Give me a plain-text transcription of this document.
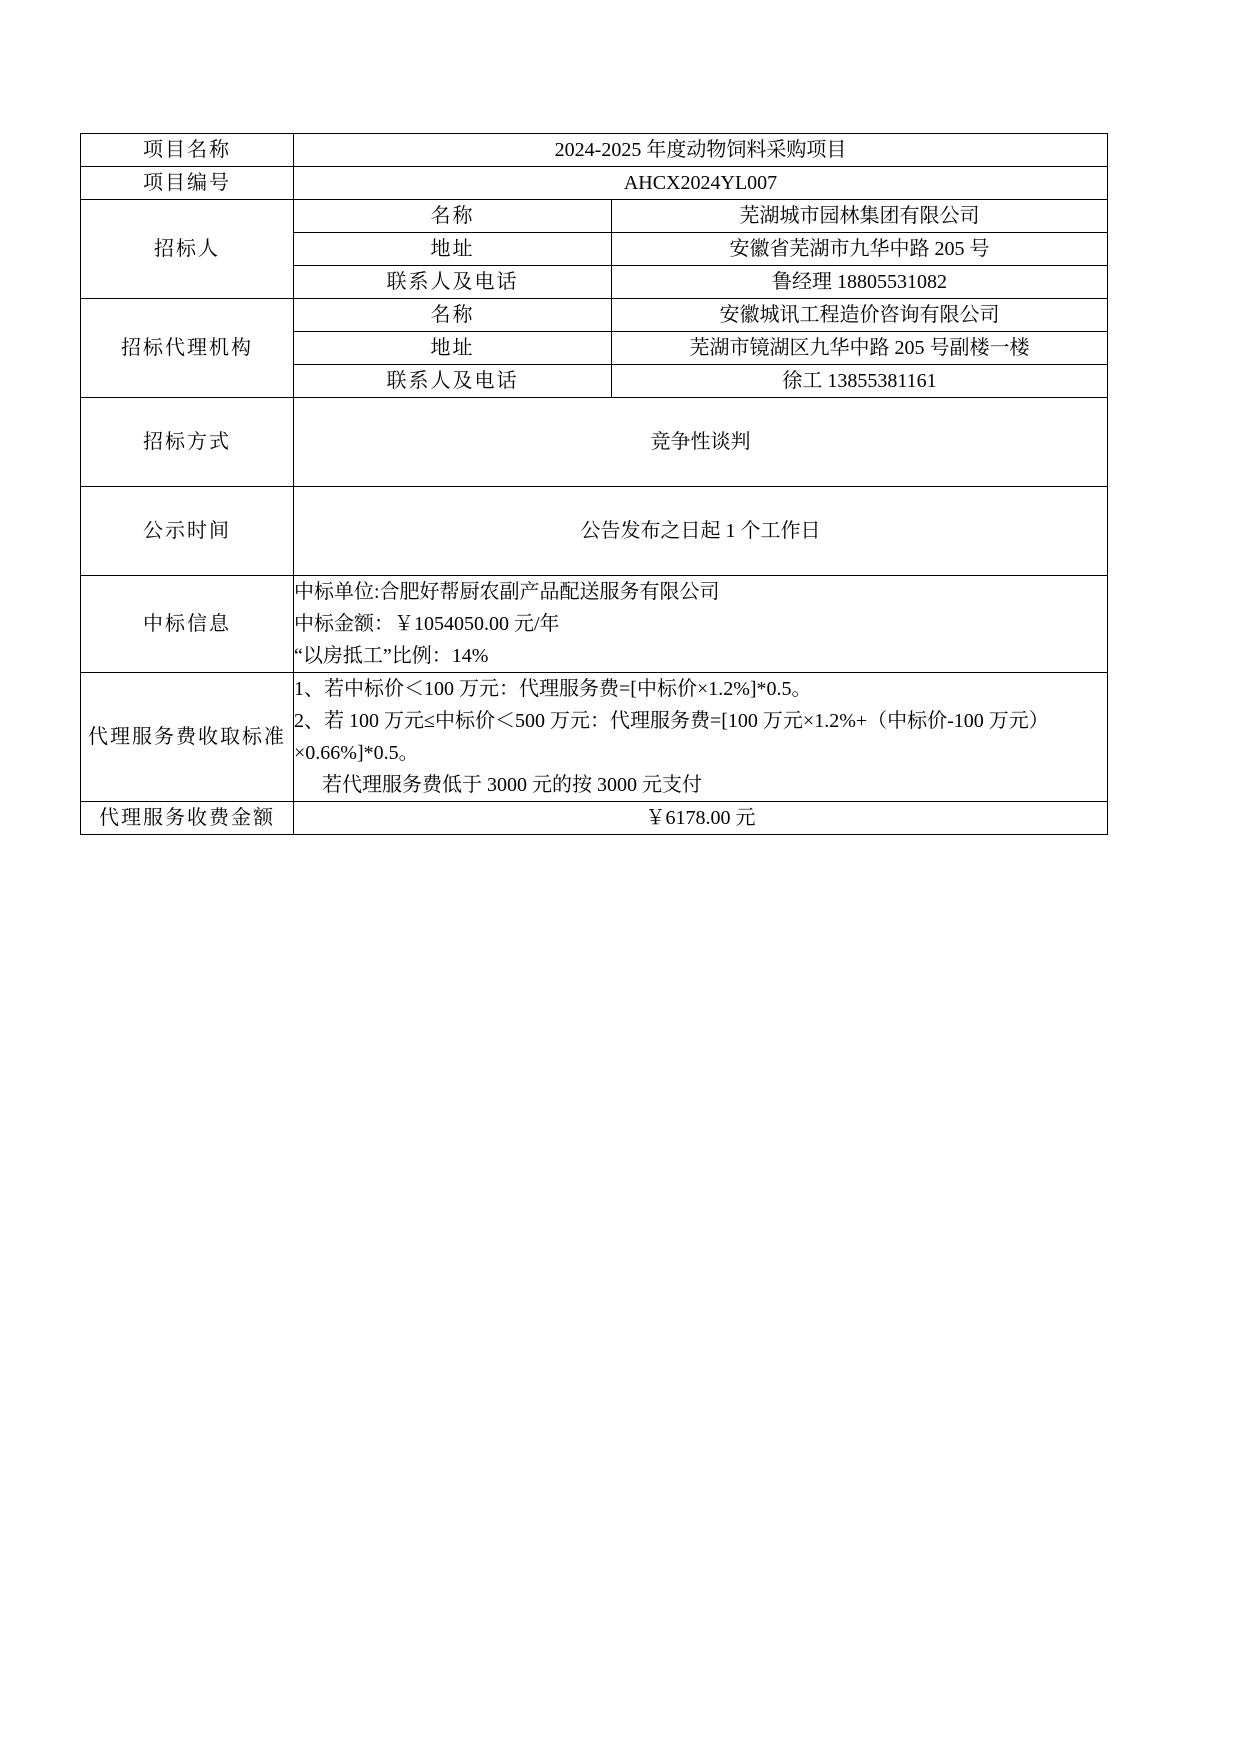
项目名称	2024-2025 年度动物饲料采购项目	
项目编号	AHCX2024YL007	
招标人	名称	芜湖城市园林集团有限公司
	地址	安徽省芜湖市九华中路 205 号
	联系人及电话	鲁经理 18805531082
招标代理机构	名称	安徽城讯工程造价咨询有限公司
	地址	芜湖市镜湖区九华中路 205 号副楼一楼
	联系人及电话	徐工 13855381161
招标方式	竞争性谈判	
公示时间	公告发布之日起 1 个工作日	
中标信息	中标单位:合肥好帮厨农副产品配送服务有限公司
中标金额：￥1054050.00 元/年
“以房抵工”比例：14%	

代理服务费收取标准	1、若中标价＜100 万元：代理服务费=[中标价×1.2%]*0.5。
2、若 100 万元≤中标价＜500 万元：代理服务费=[100 万元×1.2%+（中标价-100 万元）×0.66%]*0.5。
若代理服务费低于 3000 元的按 3000 元支付	

代理服务收费金额	￥6178.00 元	
